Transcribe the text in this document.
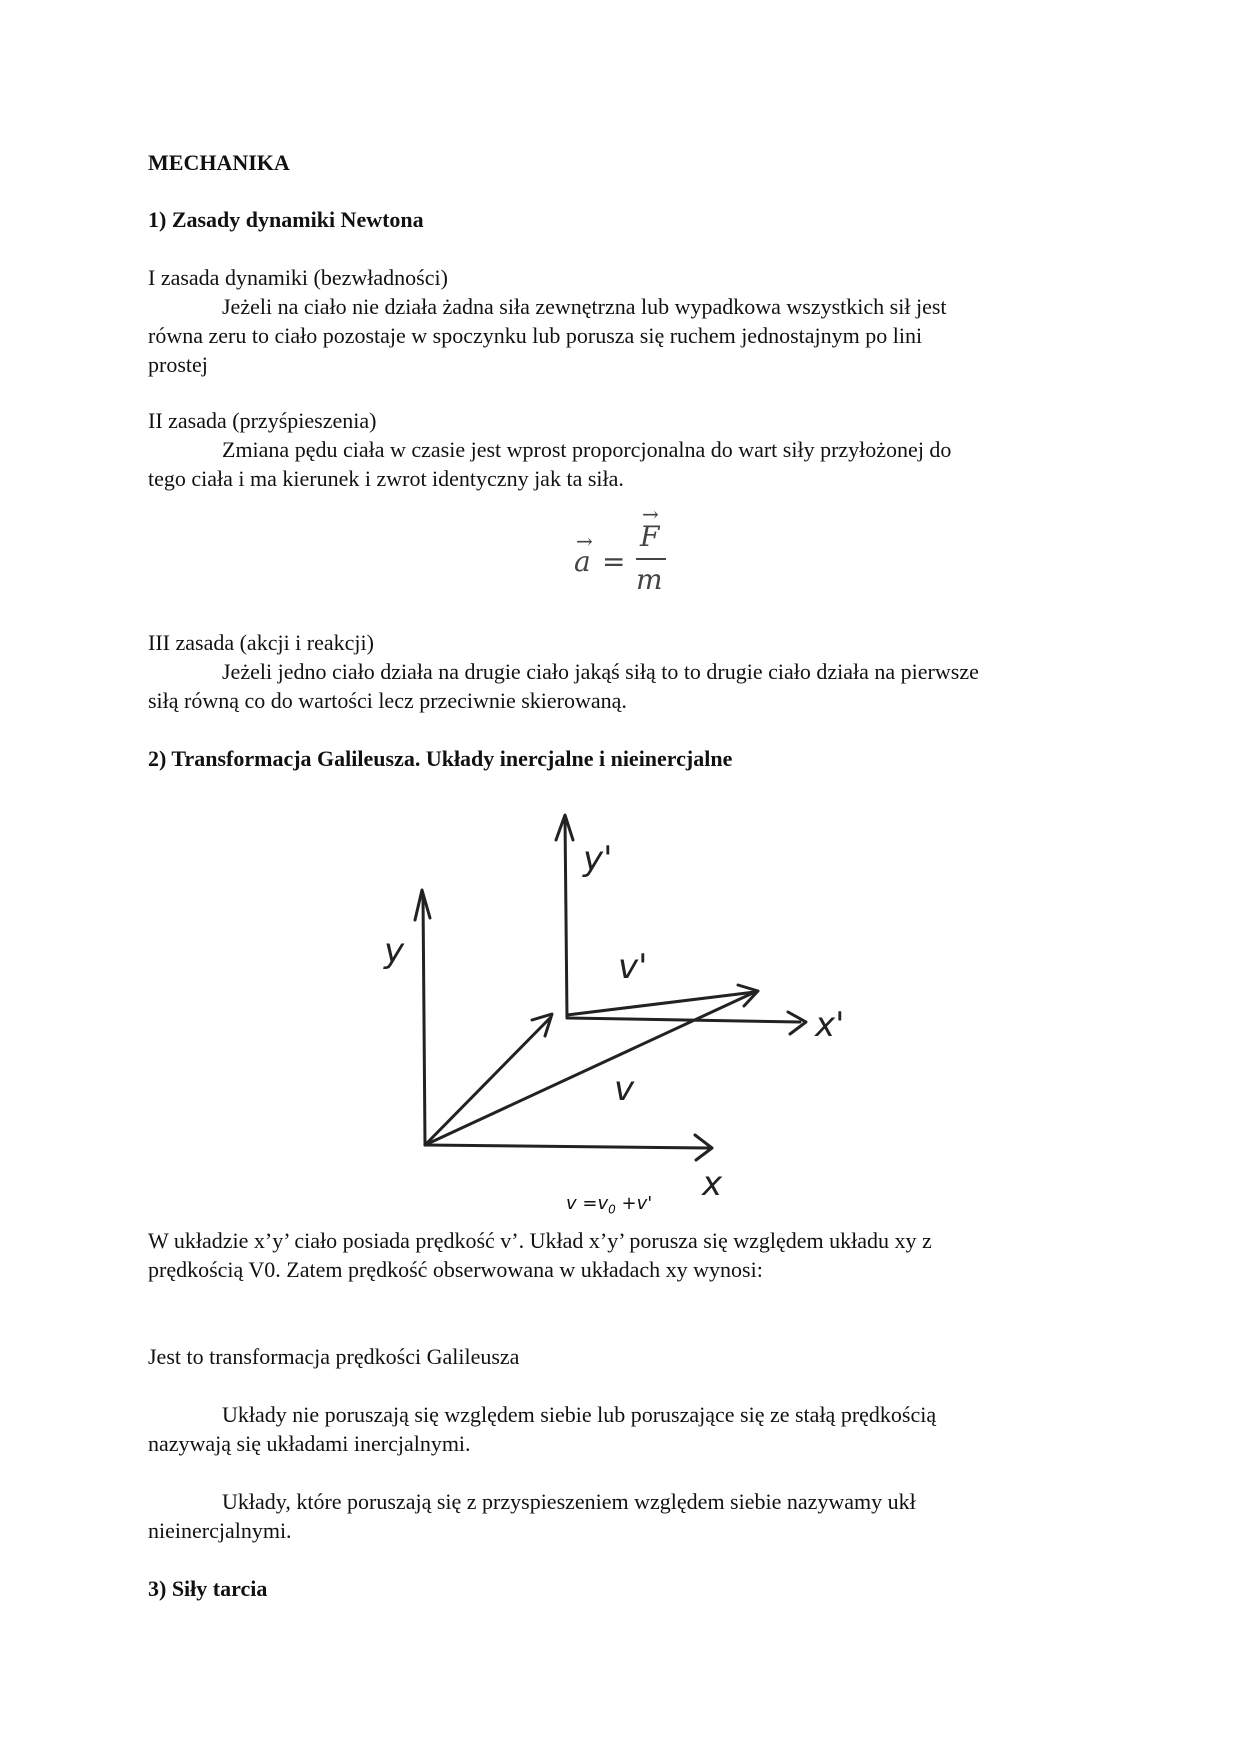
MECHANIKA

1) Zasady dynamiki Newtona

I zasada dynamiki (bezwładności)

Jeżeli na ciało nie działa żadna siła zewnętrzna lub wypadkowa wszystkich sił jest

równa zeru to ciało pozostaje w spoczynku lub porusza się ruchem jednostajnym po lini

prostej

II zasada (przyśpieszenia)

Zmiana pędu ciała w czasie jest wprost proporcjonalna do wart siły przyłożonej do

tego ciała i ma kierunek i zwrot identyczny jak ta siła.

→
a =
→
F
m

III zasada (akcji i reakcji)

Jeżeli jedno ciało działa na drugie ciało jakąś siłą to to drugie ciało działa na pierwsze

siłą równą co do wartości lecz przeciwnie skierowaną.

2) Transformacja Galileusza. Układy inercjalne i nieinercjalne

y
x
y'
x'
v'
v

$v =v_0 +v'$

W układzie x’y’ ciało posiada prędkość v’. Układ x’y’ porusza się względem układu xy z

prędkością V0. Zatem prędkość obserwowana w układach xy wynosi:

Jest to transformacja prędkości Galileusza

Układy nie poruszają się względem siebie lub poruszające się ze stałą prędkością

nazywają się układami inercjalnymi.

Układy, które poruszają się z przyspieszeniem względem siebie nazywamy ukł

nieinercjalnymi.

3) Siły tarcia
